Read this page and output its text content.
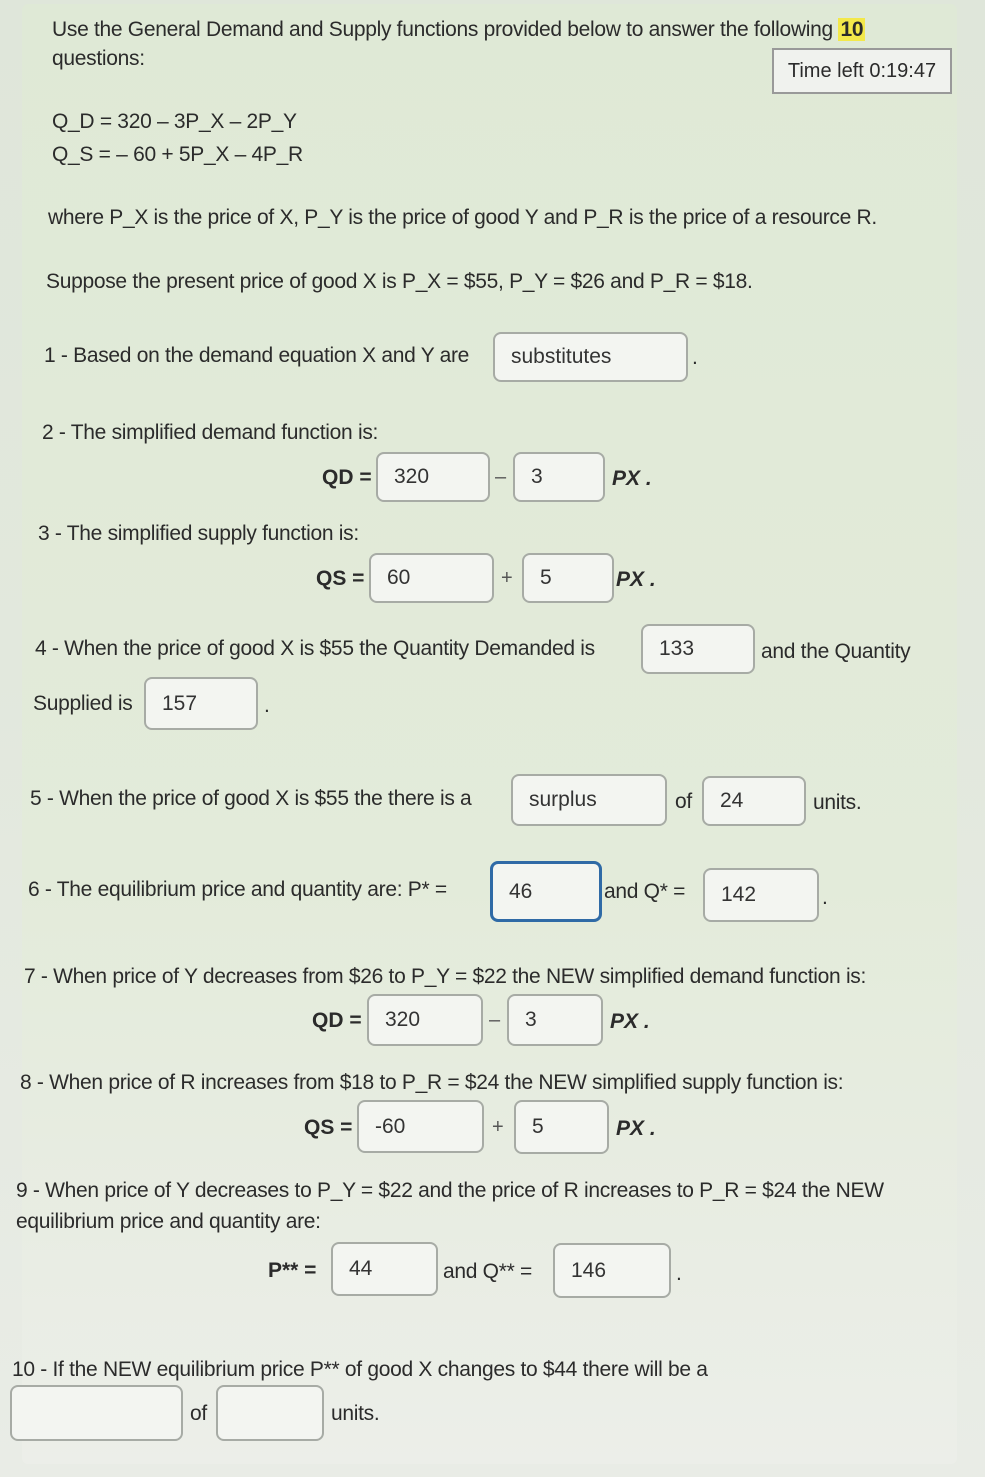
Use the General Demand and Supply functions provided below to answer the following 10
questions:
Time left 0:19:47
Q_D = 320 – 3P_X – 2P_Y
Q_S = – 60 + 5P_X – 4P_R
where P_X is the price of X, P_Y is the price of good Y and P_R is the price of a resource R.
Suppose the present price of good X is P_X = $55, P_Y = $26 and P_R = $18.
1 - Based on the demand equation X and Y are	substitutes	.
2 - The simplified demand function is:
QD =	320	–	3	PX .
3 - The simplified supply function is:
QS =	60	+	5	PX .
4 - When the price of good X is $55 the Quantity Demanded is	133	and the Quantity
Supplied is	157	.
5 - When the price of good X is $55 the there is a	surplus	of	24	units.
6 - The equilibrium price and quantity are: P* =	46	and Q* =	142	.
7 - When price of Y decreases from $26 to P_Y = $22 the NEW simplified demand function is:
QD =	320	–	3	PX .
8 - When price of R increases from $18 to P_R = $24 the NEW simplified supply function is:
QS =	-60	+	5	PX .
9 - When price of Y decreases to P_Y = $22 and the price of R increases to P_R = $24 the NEW
equilibrium price and quantity are:
P** =	44	and Q** =	146	.
10 - If the NEW equilibrium price P** of good X changes to $44 there will be a
of	units.
